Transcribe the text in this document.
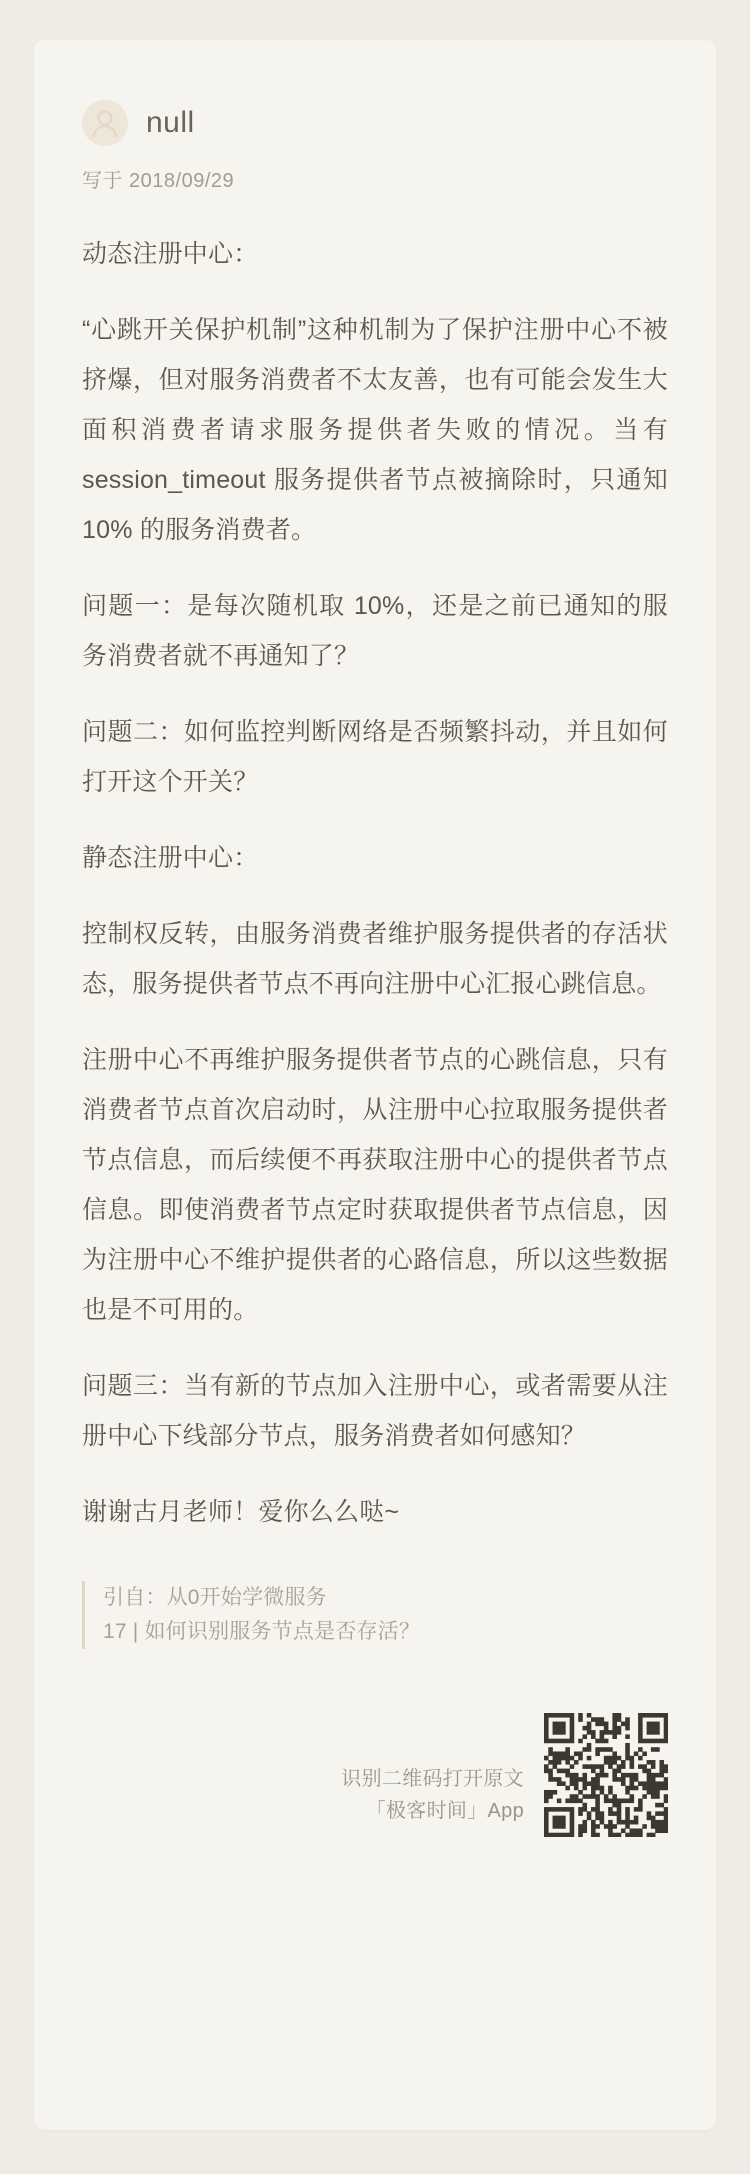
null
写于 2018/09/29

动态注册中心：

“心跳开关保护机制”这种机制为了保护注册中心不被挤爆，但对服务消费者不太友善，也有可能会发生大面积消费者请求服务提供者失败的情况。当有 session_timeout 服务提供者节点被摘除时，只通知 10% 的服务消费者。

问题一：是每次随机取 10%，还是之前已通知的服务消费者就不再通知了？

问题二：如何监控判断网络是否频繁抖动，并且如何打开这个开关？

静态注册中心：

控制权反转，由服务消费者维护服务提供者的存活状态，服务提供者节点不再向注册中心汇报心跳信息。

注册中心不再维护服务提供者节点的心跳信息，只有消费者节点首次启动时，从注册中心拉取服务提供者节点信息，而后续便不再获取注册中心的提供者节点信息。即使消费者节点定时获取提供者节点信息，因为注册中心不维护提供者的心路信息，所以这些数据也是不可用的。

问题三：当有新的节点加入注册中心，或者需要从注册中心下线部分节点，服务消费者如何感知？

谢谢古月老师！爱你么么哒~

引自：从0开始学微服务
17 | 如何识别服务节点是否存活？
识别二维码打开原文
「极客时间」App
